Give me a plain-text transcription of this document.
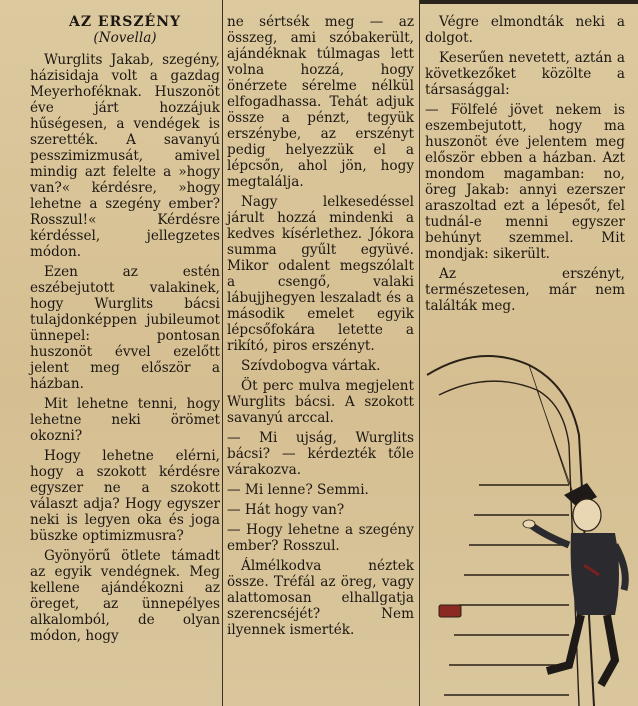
AZ ERSZÉNY
(Novella)

Wurglits Jakab, szegény, házisidaja volt a gazdag Meyerhoféknak. Huszonöt éve járt hozzájuk hűségesen, a vendégek is szerették. A savanyú pesszimizmusát, amivel mindig azt felelte a »hogy van?« kérdésre, »hogy lehetne a szegény ember? Rosszul!« Kérdésre kérdéssel, jellegzetes módon.

Ezen az estén eszébejutott valakinek, hogy Wurglits bácsi tulajdonképpen jubileumot ünnepel: pontosan huszonöt évvel ezelőtt jelent meg először a házban.

Mit lehetne tenni, hogy lehetne neki örömet okozni?

Hogy lehetne elérni, hogy a szokott kérdésre egyszer ne a szokott választ adja? Hogy egyszer neki is legyen oka és joga büszke optimizmusra?

Gyönyörű ötlete támadt az egyik vendégnek. Meg kellene ajándékozni az öreget, az ünnepélyes alkalomból, de olyan módon, hogy

ne sértsék meg — az összeg, ami szóbakerült, ajándéknak túlmagas lett volna hozzá, hogy önérzete sérelme nélkül elfogadhassa. Tehát adjuk össze a pénzt, tegyük erszénybe, az erszényt pedig helyezzük el a lépcsőn, ahol jön, hogy megtalálja.

Nagy lelkesedéssel járult hozzá mindenki a kedves kísérlethez. Jókora summa gyűlt együvé. Mikor odalent megszólalt a csengő, valaki lábujjhegyen leszaladt és a második emelet egyik lépcsőfokára letette a rikító, piros erszényt.

Szívdobogva vártak.

Öt perc mulva megjelent Wurglits bácsi. A szokott savanyú arccal.

— Mi ujság, Wurglits bácsi? — kérdezték tőle várakozva.

— Mi lenne? Semmi.

— Hát hogy van?

— Hogy lehetne a szegény ember? Rosszul.

Álmélkodva néztek össze. Tréfál az öreg, vagy alattomosan elhallgatja szerencséjét? Nem ilyennek ismerték.

Végre elmondták neki a dolgot.

Keserűen nevetett, aztán a következőket közölte a társasággal:

— Fölfelé jövet nekem is eszembejutott, hogy ma huszonöt éve jelentem meg először ebben a házban. Azt mondom magamban: no, öreg Jakab: annyi ezerszer araszoltad ezt a lépesőt, fel tudnál-e menni egyszer behúnyt szemmel. Mit mondjak: sikerült.

Az erszényt, természetesen, már nem találták meg.
